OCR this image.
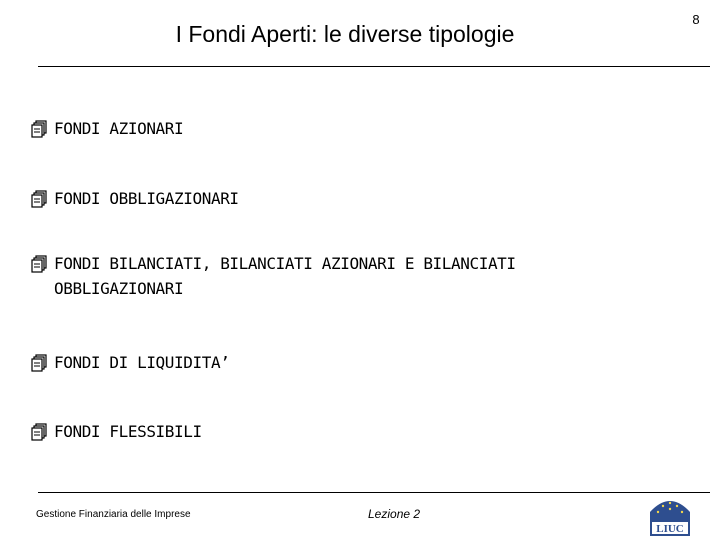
I Fondi Aperti: le diverse tipologie
8
FONDI AZIONARI
FONDI OBBLIGAZIONARI
FONDI BILANCIATI, BILANCIATI AZIONARI E BILANCIATI
OBBLIGAZIONARI
FONDI DI LIQUIDITA’
FONDI FLESSIBILI
Gestione Finanziaria delle Imprese	Lezione 2
LIUC
